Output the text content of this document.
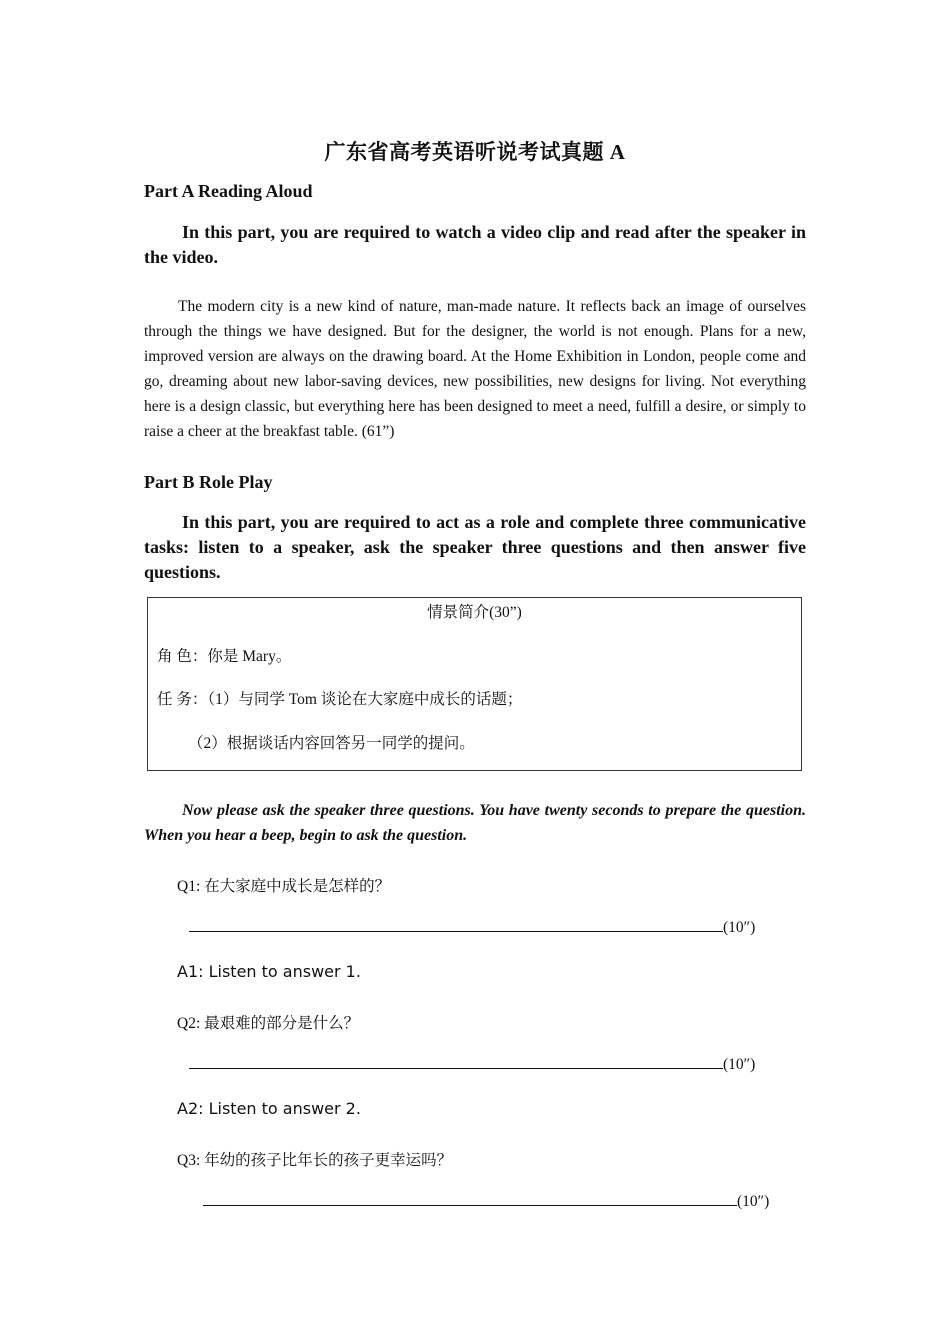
广东省高考英语听说考试真题 A
Part A Reading Aloud
In this part, you are required to watch a video clip and read after the speaker in the video.
The modern city is a new kind of nature, man-made nature. It reflects back an image of ourselves through the things we have designed. But for the designer, the world is not enough. Plans for a new, improved version are always on the drawing board. At the Home Exhibition in London, people come and go, dreaming about new labor-saving devices, new possibilities, new designs for living. Not everything here is a design classic, but everything here has been designed to meet a need, fulfill a desire, or simply to raise a cheer at the breakfast table. (61”)
Part B Role Play
In this part, you are required to act as a role and complete three communicative tasks: listen to a speaker, ask the speaker three questions and then answer five questions.
情景简介(30”)
角 色：你是 Mary。
任 务：（1）与同学 Tom 谈论在大家庭中成长的话题；
（2）根据谈话内容回答另一同学的提问。
Now please ask the speaker three questions. You have twenty seconds to prepare the question. When you hear a beep, begin to ask the question.
Q1: 在大家庭中成长是怎样的？
(10″)
A1: Listen to answer 1.
Q2: 最艰难的部分是什么？
(10″)
A2: Listen to answer 2.
Q3: 年幼的孩子比年长的孩子更幸运吗？
(10″)
